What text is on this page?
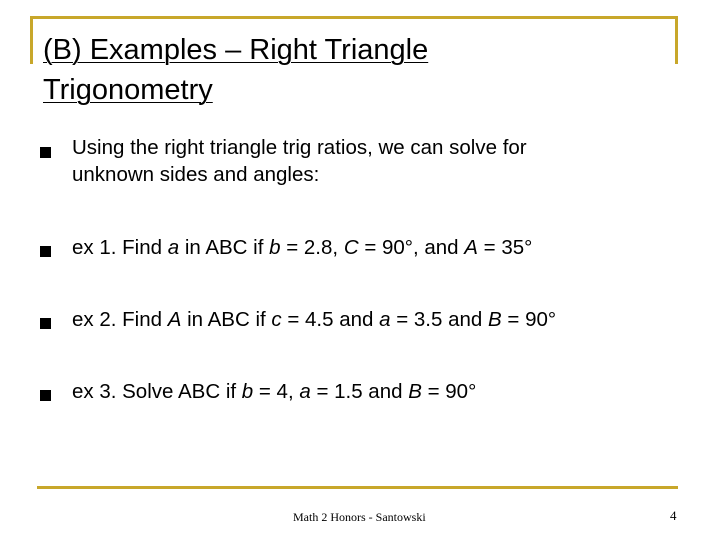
(B) Examples – Right Triangle
Trigonometry
Using the right triangle trig ratios, we can solve for
unknown sides and angles:
ex 1. Find a in ABC if b = 2.8, C = 90°, and A = 35°
ex 2. Find A in ABC if c = 4.5 and a = 3.5 and B = 90°
ex 3. Solve ABC if b = 4, a = 1.5 and B = 90°
Math 2 Honors - Santowski	4
